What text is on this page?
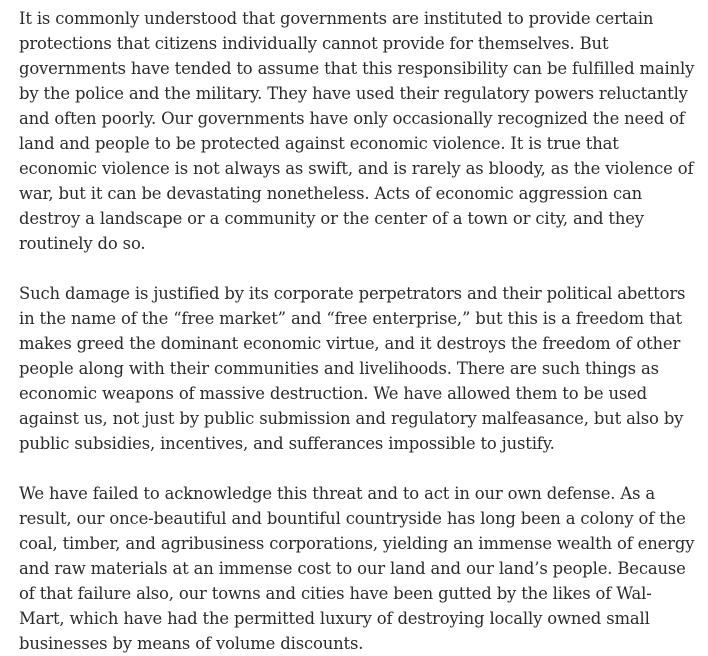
It is commonly understood that governments are instituted to provide certain protections that citizens individually cannot provide for themselves. But governments have tended to assume that this responsibility can be fulfilled mainly by the police and the military. They have used their regulatory powers reluctantly and often poorly. Our governments have only occasionally recognized the need of land and people to be protected against economic violence. It is true that economic violence is not always as swift, and is rarely as bloody, as the violence of war, but it can be devastating nonetheless. Acts of economic aggression can destroy a landscape or a community or the center of a town or city, and they routinely do so.

Such damage is justified by its corporate perpetrators and their political abettors in the name of the “free market” and “free enterprise,” but this is a freedom that makes greed the dominant economic virtue, and it destroys the freedom of other people along with their communities and livelihoods. There are such things as economic weapons of massive destruction. We have allowed them to be used against us, not just by public submission and regulatory malfeasance, but also by public subsidies, incentives, and sufferances impossible to justify.

We have failed to acknowledge this threat and to act in our own defense. As a result, our once-beautiful and bountiful countryside has long been a colony of the coal, timber, and agribusiness corporations, yielding an immense wealth of energy and raw materials at an immense cost to our land and our land’s people. Because of that failure also, our towns and cities have been gutted by the likes of Wal-Mart, which have had the permitted luxury of destroying locally owned small businesses by means of volume discounts.
